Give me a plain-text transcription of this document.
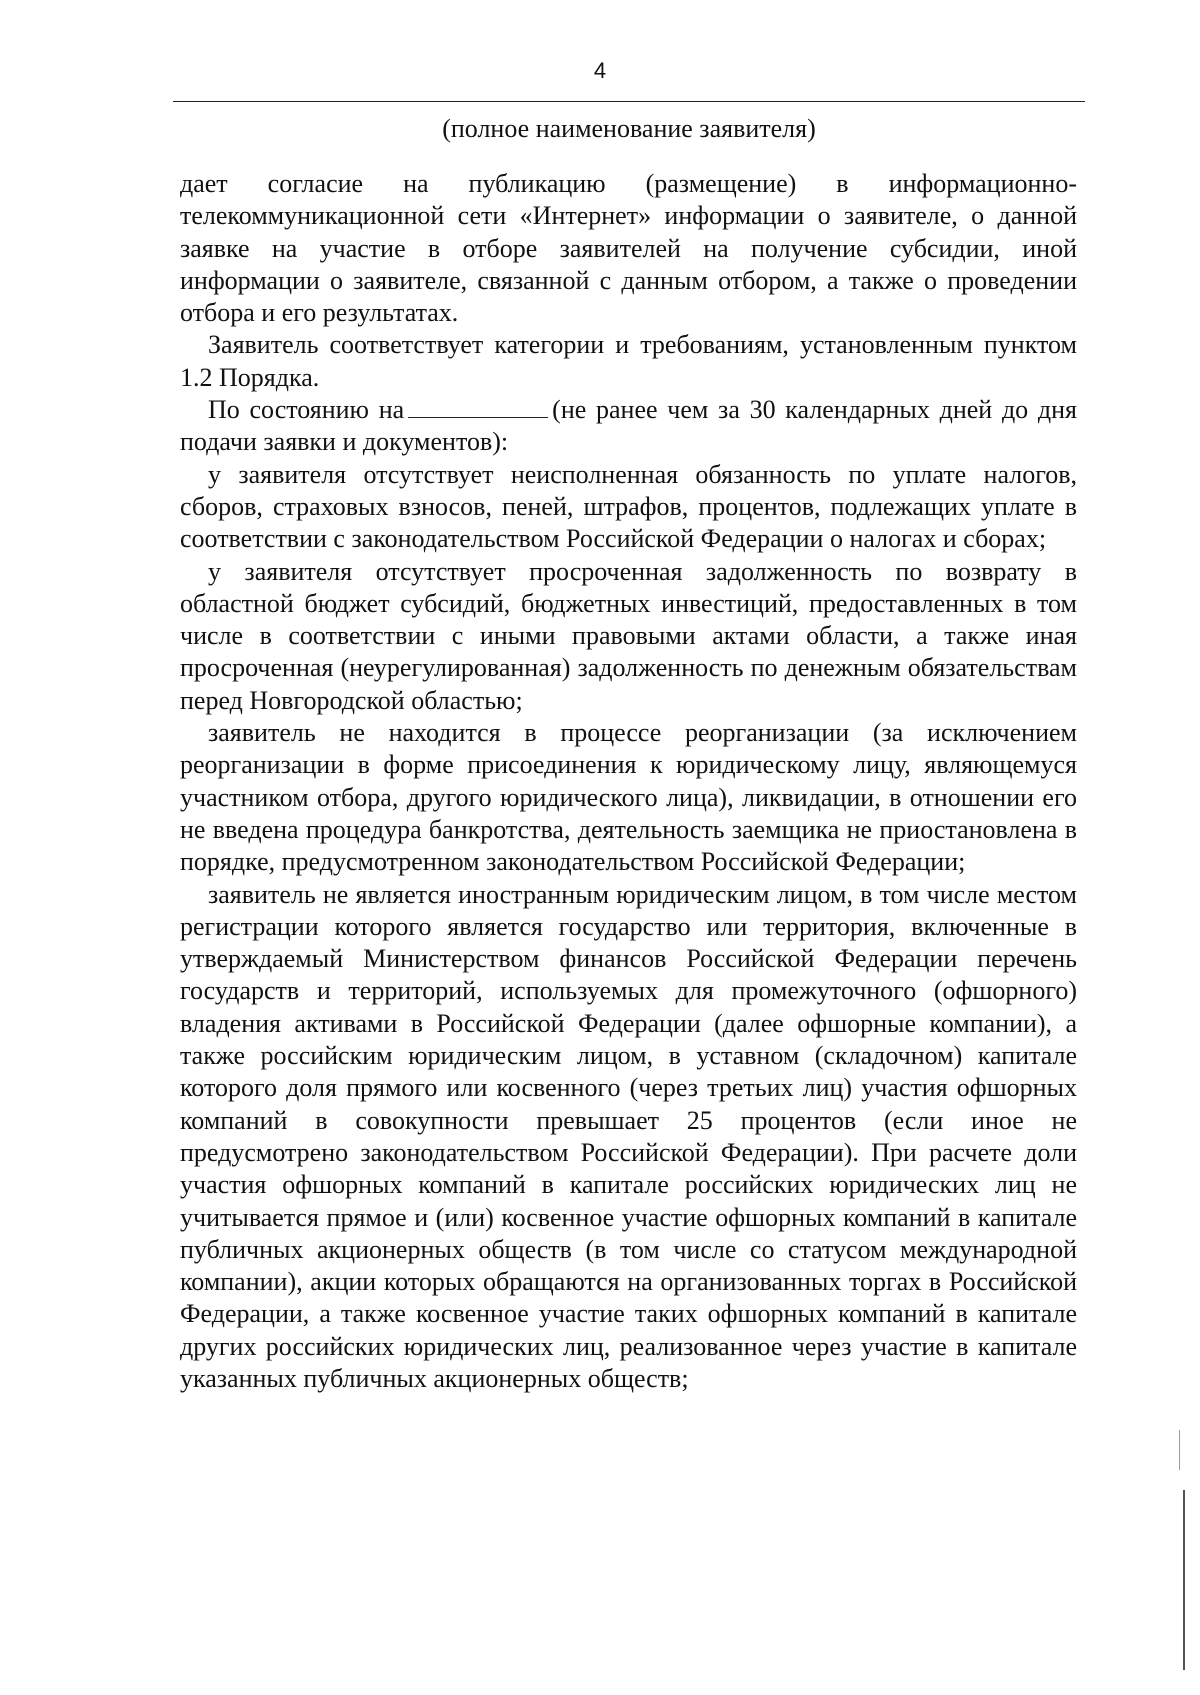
4
(полное наименование заявителя)

дает согласие на публикацию (размещение) в информационно-телекоммуникационной сети «Интернет» информации о заявителе, о данной заявке на участие в отборе заявителей на получение субсидии, иной информации о заявителе, связанной с данным отбором, а также о проведении отбора и его результатах.

Заявитель соответствует категории и требованиям, установленным пунктом 1.2 Порядка.

По состоянию на	(не ранее чем за 30 календарных дней до дня подачи заявки и документов):

у заявителя отсутствует неисполненная обязанность по уплате налогов, сборов, страховых взносов, пеней, штрафов, процентов, подлежащих уплате в соответствии с законодательством Российской Федерации о налогах и сборах;

у заявителя отсутствует просроченная задолженность по возврату в областной бюджет субсидий, бюджетных инвестиций, предоставленных в том числе в соответствии с иными правовыми актами области, а также иная просроченная (неурегулированная) задолженность по денежным обязательствам перед Новгородской областью;

заявитель не находится в процессе реорганизации (за исключением реорганизации в форме присоединения к юридическому лицу, являющемуся участником отбора, другого юридического лица), ликвидации, в отношении его не введена процедура банкротства, деятельность заемщика не приостановлена в порядке, предусмотренном законодательством Российской Федерации;

заявитель не является иностранным юридическим лицом, в том числе местом регистрации которого является государство или территория, включенные в утверждаемый Министерством финансов Российской Федерации перечень государств и территорий, используемых для промежуточного (офшорного) владения активами в Российской Федерации (далее офшорные компании), а также российским юридическим лицом, в уставном (складочном) капитале которого доля прямого или косвенного (через третьих лиц) участия офшорных компаний в совокупности превышает 25 процентов (если иное не предусмотрено законодательством Российской Федерации). При расчете доли участия офшорных компаний в капитале российских юридических лиц не учитывается прямое и (или) косвенное участие офшорных компаний в капитале публичных акционерных обществ (в том числе со статусом международной компании), акции которых обращаются на организованных торгах в Российской Федерации, а также косвенное участие таких офшорных компаний в капитале других российских юридических лиц, реализованное через участие в капитале указанных публичных акционерных обществ;
